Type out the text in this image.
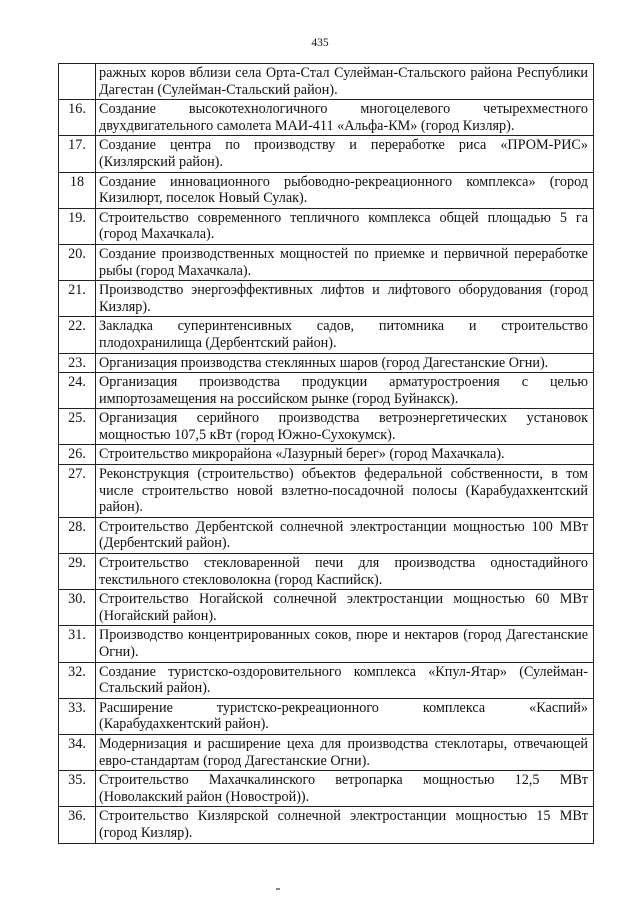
435
	ражных коров вблизи села Орта-Стал Сулейман-Стальского района Республики Дагестан (Сулейман-Стальский район).
16.	Создание высокотехнологичного многоцелевого четырехместного двухдвигательного самолета МАИ-411 «Альфа-КМ» (город Кизляр).
17.	Создание центра по производству и переработке риса «ПРОМ-РИС» (Кизлярский район).
18	Создание инновационного рыбоводно-рекреационного комплекса» (город Кизилюрт, поселок Новый Сулак).
19.	Строительство современного тепличного комплекса общей площадью 5 га (город Махачкала).
20.	Создание производственных мощностей по приемке и первичной переработке рыбы (город Махачкала).
21.	Производство энергоэффективных лифтов и лифтового оборудования (город Кизляр).
22.	Закладка суперинтенсивных садов, питомника и строительство плодохранилища (Дербентский район).
23.	Организация производства стеклянных шаров (город Дагестанские Огни).
24.	Организация производства продукции арматуростроения с целью импортозамещения на российском рынке (город Буйнакск).
25.	Организация серийного производства ветроэнергетических установок мощностью 107,5 кВт (город Южно-Сухокумск).
26.	Строительство микрорайона «Лазурный берег» (город Махачкала).
27.	Реконструкция (строительство) объектов федеральной собственности, в том числе строительство новой взлетно-посадочной полосы (Карабудахкентский район).
28.	Строительство Дербентской солнечной электростанции мощностью 100 МВт (Дербентский район).
29.	Строительство стекловаренной печи для производства одностадийного текстильного стекловолокна (город Каспийск).
30.	Строительство Ногайской солнечной электростанции мощностью 60 МВт (Ногайский район).
31.	Производство концентрированных соков, пюре и нектаров (город Дагестанские Огни).
32.	Создание туристско-оздоровительного комплекса «Кпул-Ятар» (Сулейман-Стальский район).
33.	Расширение туристско-рекреационного комплекса «Каспий» (Карабудахкентский район).
34.	Модернизация и расширение цеха для производства стеклотары, отвечающей евро-стандартам (город Дагестанские Огни).
35.	Строительство Махачкалинского ветропарка мощностью 12,5 МВт (Новолакский район (Новострой)).
36.	Строительство Кизлярской солнечной электростанции мощностью 15 МВт (город Кизляр).
